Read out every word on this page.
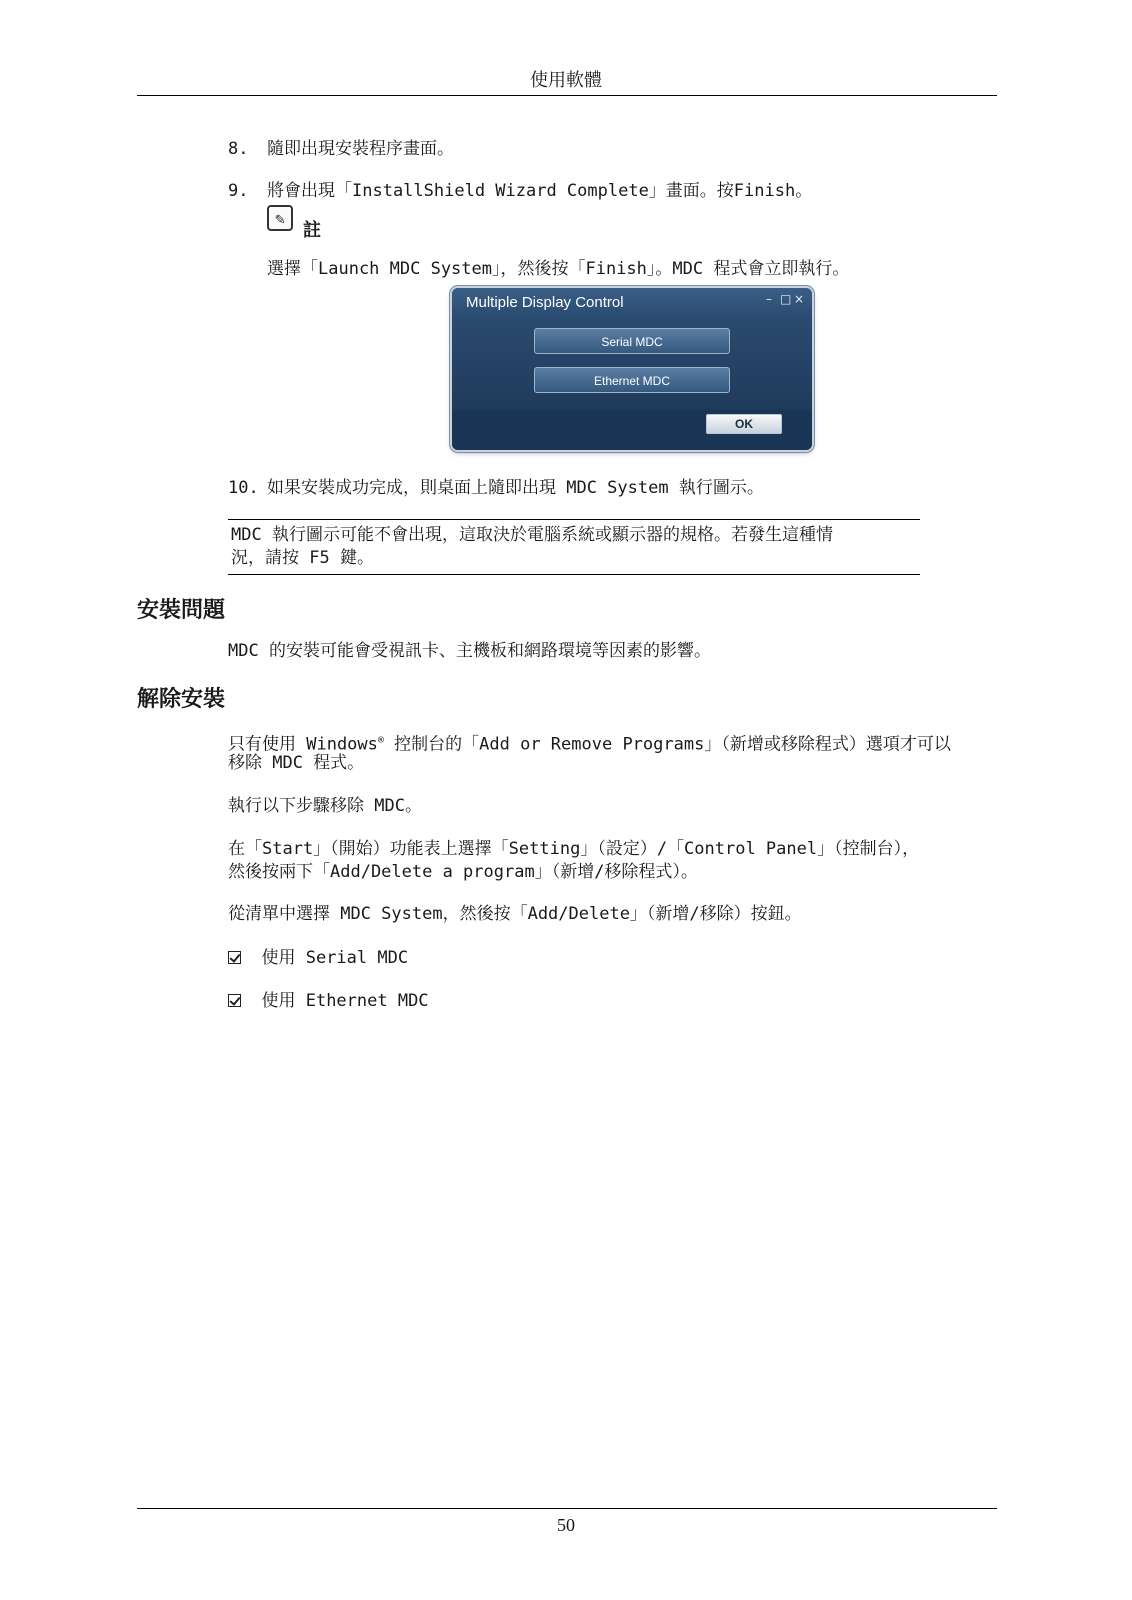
使用軟體
8. 隨即出現安裝程序畫面。
9. 將會出現「InstallShield Wizard Complete」畫面。按Finish。
✎
註
選擇「Launch MDC System」，然後按「Finish」。MDC 程式會立即執行。
Multiple Display Control	– □ ×
Serial MDC
Ethernet MDC
OK
10. 如果安裝成功完成，則桌面上隨即出現 MDC System 執行圖示。
MDC 執行圖示可能不會出現，這取決於電腦系統或顯示器的規格。若發生這種情
況，請按 F5 鍵。
安裝問題
MDC 的安裝可能會受視訊卡、主機板和網路環境等因素的影響。
解除安裝
只有使用 Windows® 控制台的「Add or Remove Programs」（新增或移除程式）選項才可以
移除 MDC 程式。
執行以下步驟移除 MDC。
在「Start」（開始）功能表上選擇「Setting」（設定）/「Control Panel」（控制台），
然後按兩下「Add/Delete a program」（新增/移除程式）。
從清單中選擇 MDC System，然後按「Add/Delete」（新增/移除）按鈕。
使用 Serial MDC
使用 Ethernet MDC
50
